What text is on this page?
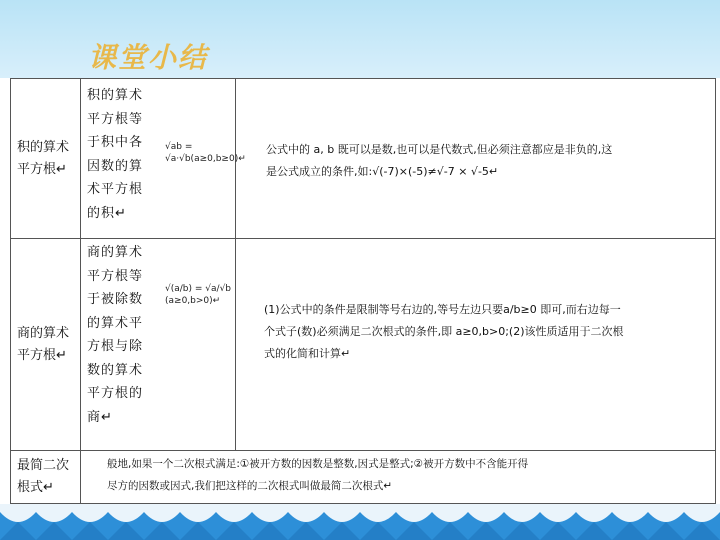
课堂小结
积的算术
平方根↵
积的算术
平方根等
于积中各
因数的算
术平方根
的积↵
√ab = √a·√b(a≥0,b≥0)↵
公式中的 a, b 既可以是数,也可以是代数式,但必须注意都应是非负的,这
是公式成立的条件,如:√(-7)×(-5)≠√-7 × √-5↵
商的算术
平方根↵
商的算术
平方根等
于被除数
的算术平
方根与除
数的算术
平方根的
商↵
√(a/b) = √a/√b (a≥0,b>0)↵
(1)公式中的条件是限制等号右边的,等号左边只要a/b≥0 即可,而右边每一
个式子(数)必须满足二次根式的条件,即 a≥0,b>0;(2)该性质适用于二次根
式的化简和计算↵
最简二次
根式↵
般地,如果一个二次根式满足:①被开方数的因数是整数,因式是整式;②被开方数中不含能开得
尽方的因数或因式,我们把这样的二次根式叫做最简二次根式↵
